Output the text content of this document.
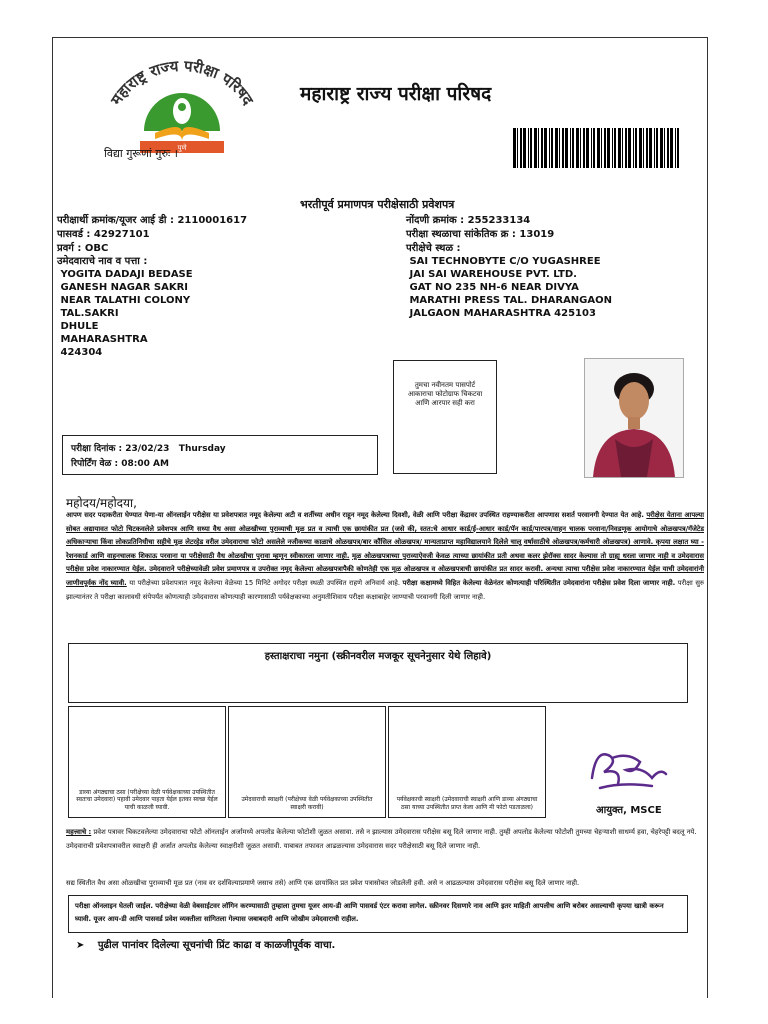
महाराष्ट्र राज्य परीक्षा परिषद
पुणे
विद्या गुरूणां गुरुः ।
महाराष्ट्र राज्य परीक्षा परिषद
भरतीपूर्व प्रमाणपत्र परीक्षेसाठी प्रवेशपत्र
परीक्षार्थी क्रमांक/यूजर आई डी : 2110001617
पासवर्ड : 42927101
प्रवर्ग : OBC
उमेदवाराचे नाव व पत्ता :
YOGITA DADAJI BEDASE
GANESH NAGAR SAKRI
NEAR TALATHI COLONY
TAL.SAKRI
DHULE
MAHARASHTRA
424304
नोंदणी क्रमांक : 255233134
परीक्षा स्थळाचा सांकेतिक क्र : 13019
परीक्षेचे स्थळ :
SAI TECHNOBYTE C/O YUGASHREE
JAI SAI WAREHOUSE PVT. LTD.
GAT NO 235 NH-6 NEAR DIVYA
MARATHI PRESS TAL. DHARANGAON
JALGAON MAHARASHTRA 425103
तुमचा नवीनतम पासपोर्ट आकाराचा फोटोग्राफ चिकटवा आणि आरपार सही करा
परीक्षा दिनांक : 23/02/23   Thursday
रिपोर्टिंग वेळ : 08:00 AM
महोदय/महोदया,
आपण सदर पदाकरीता घेण्यात येणा-या ऑनलाईन परीक्षेस या प्रवेशपत्रात नमूद केलेल्या अटी व शर्तीच्या अधीन राहून नमूद केलेल्या दिवशी, वेळी आणि परीक्षा केंद्रावर उपस्थित राहण्याकरीता आपणास सशर्त परवानगी देण्यात येत आहे. परीक्षेस येताना आपल्या सोबत अद्यायावत फोटो चिटकवलेले प्रवेशपत्र आणि सध्या वैध असा ओळखीच्या पुराव्याची मूळ प्रत व त्याची एक छायांकीत प्रत (जसे की, स्तत:चे आधार कार्ड/ई-आधार कार्ड/पॅन कार्ड/पारपत्र/वाहन चालक परवाना/निवडणूक आयोगाचे ओळखपत्र/गॅजेटेड अधिकाऱ्याचा किंवा लोकप्रतिनिधीचा सहीचे मूळ लेटरहेड वरील उमेदवाराचा फोटो असलेले नजीकच्या काळाचे ओळखपत्र/बार कौंसिल ओळखपत्र/ मान्यताप्राप्त महाविद्यालयाने दिलेले चालू वर्षासाठीचे ओळखपत्र/कर्मचारी ओळखपत्र) आणावे. कृपया लक्षात घ्या - रेशनकार्ड आणि वाहनचालक शिकाऊ परवाना या परीक्षेसाठी वैध ओळखीचा पुरावा म्हणून स्वीकारला जाणार नाही. मूळ ओळखपत्राच्या पुराव्याऐवजी केवळ त्याच्या छायांकीत प्रती अथवा कलर झेरॉक्स सादर केल्यास तो ग्राह्य धरला जाणार नाही व उमेदवारास परीक्षेस प्रवेश नाकारण्यात येईल. उमेदवाराने परीक्षेच्यावेळी प्रवेश प्रमाणपत्र व उपरोक्त नमूद केलेल्या ओळखपत्रापैकी कोणतेही एक मूळ ओळखपत्र व ओळखपत्राची छायांकीत प्रत सादर करावी. अन्यथा त्याचा परीक्षेस प्रवेश नाकारण्यात येईल याची उमेदवारांनी जाणीवपूर्वक नोंद घ्यावी. या परीक्षेच्या प्रवेशपत्रात नमूद केलेल्या वेळेच्या 15 मिनिटे अगोदर परीक्षा स्थळी उपस्थित राहणे अनिवार्य आहे. परीक्षा कक्षामध्ये विहित केलेल्या वेळेनंतर कोणत्याही परिस्थितीत उमेदवारांना परीक्षेस प्रवेश दिला जाणार नाही. परीक्षा सुरु झाल्यानंतर ते परीक्षा कालावधी संपेपर्यंत कोणत्याही उमेदवारास कोणत्याही कारणासाठी पर्यवेक्षकाच्या अनुमतीशिवाय परीक्षा कक्षाबाहेर जाण्याची परवानगी दिली जाणार नाही.
हस्ताक्षराचा नमुना (स्क्रीनवरील मजकूर सूचनेनुसार येथे लिहावे)
डाव्या अंगठ्याचा ठसा (परीक्षेच्या वेळी पर्यवेक्षकाच्या उपस्थितीत स्वतःचा उमेदवारा) पहावी उमेदवार पाहता येईल इतका स्वच्छ येईल याची काळजी घ्यावी.
उमेदवाराची स्वाक्षरी (परीक्षेच्या वेळी पर्यवेक्षकाच्या उपस्थितीत स्वाक्षरी करावी)
पर्यवेक्षकाची स्वाक्षरी (उमेदवाराची स्वाक्षरी आणि डाव्या अंगठ्याचा ठसा याच्या उपस्थितीत प्राप्त केला आणि मी फोटो पडताळला)	आयुक्त, MSCE
महत्त्वाचे : प्रवेश पत्रावर चिकटवलेल्या उमेदवाराचा फोटो ऑनलाईन अर्जामध्ये अपलोड केलेल्या फोटोशी जुळत असावा. तसे न झाल्यास उमेदवारास परीक्षेस बसू दिले जाणार नाही. तुम्ही अपलोड केलेल्या फोटोशी तुमच्या चेहऱ्याशी साधर्म्य हवा, चेहरेपट्टी बदलू नये. उमेदवाराची प्रवेशपत्रावरील स्वाक्षरी ही अर्जात अपलोड केलेल्या स्वाक्षरीशी जुळत असावी. याबाबत तफावत आढळल्यास उमेदवारास सदर परीक्षेसाठी बसू दिले जाणार नाही.
सद्य स्थितीत वैध असा ओळखीचा पुराव्याची मूळ प्रत (नाव वर दर्शविल्याप्रमाणे जसाच तसे) आणि एक छायांकित प्रत प्रवेश पत्रासोबत जोडलेली हवी. असे न आढळल्यास उमेदवारास परीक्षेस बसू दिले जाणार नाही.
परीक्षा ऑनलाइन घेतली जाईल. परीक्षेच्या वेळी वेबसाईटवर लॉगिन करण्यासाठी तुम्हाला तुमचा यूजर आय-डी आणि पासवर्ड एंटर करावा लागेल. स्क्रीनवर दिसणारे नाव आणि इतर माहिती आपलीच आणि बरोबर असल्याची कृपया खात्री करून घ्यावी. यूजर आय-डी आणि पासवर्ड प्रवेश व्यक्तीला सांगितला गेल्यास जबाबदारी आणि जोखीम उमेदवाराची राहील.
➤ पुढील पानांवर दिलेल्या सूचनांची प्रिंट काढा व काळजीपूर्वक वाचा.
